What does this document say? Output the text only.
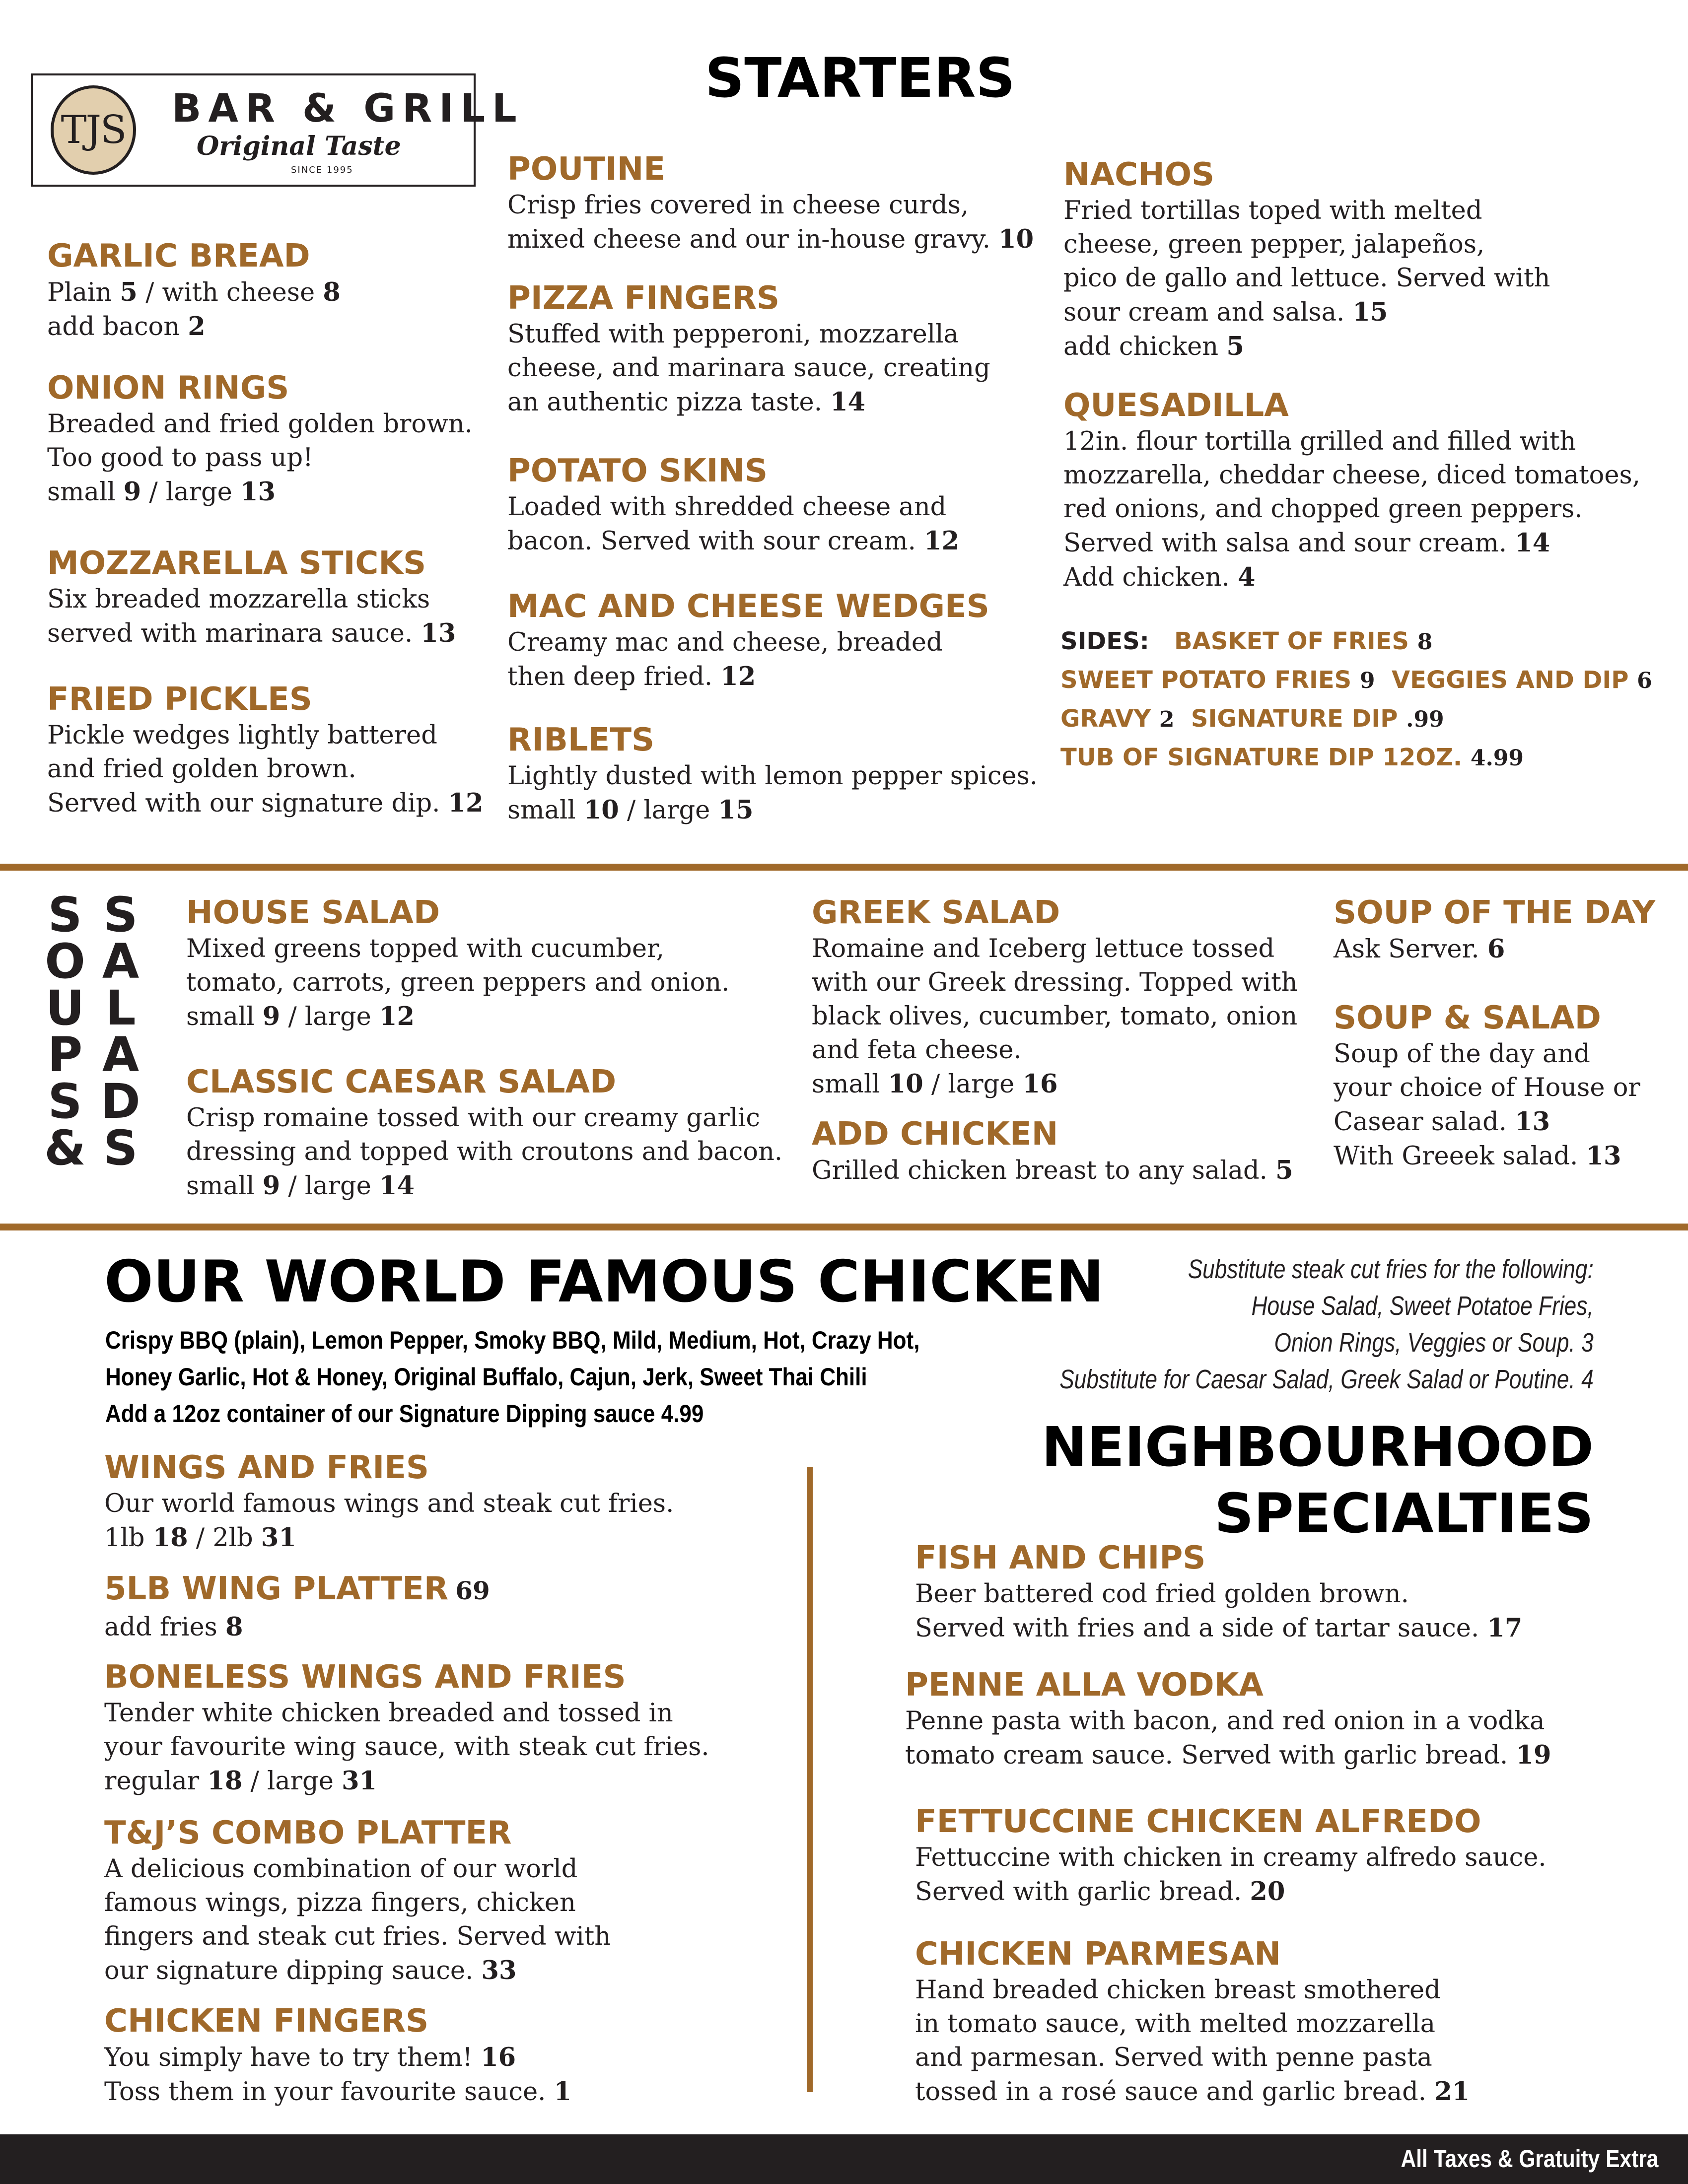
TJS BAR & GRILL

Original Taste

SINCE 1995

STARTERS
GARLIC BREAD

Plain 5 / with cheese 8

add bacon 2

ONION RINGS

Breaded and fried golden brown.

Too good to pass up!

small 9 / large 13

MOZZARELLA STICKS

Six breaded mozzarella sticks

served with marinara sauce. 13

FRIED PICKLES

Pickle wedges lightly battered

and fried golden brown.

Served with our signature dip. 12

POUTINE

Crisp fries covered in cheese curds,

mixed cheese and our in-house gravy. 10

PIZZA FINGERS

Stuffed with pepperoni, mozzarella

cheese, and marinara sauce, creating

an authentic pizza taste. 14

POTATO SKINS

Loaded with shredded cheese and

bacon. Served with sour cream. 12

MAC AND CHEESE WEDGES

Creamy mac and cheese, breaded

then deep fried. 12

RIBLETS

Lightly dusted with lemon pepper spices.

small 10 / large 15

NACHOS

Fried tortillas toped with melted

cheese, green pepper, jalapeños,

pico de gallo and lettuce. Served with

sour cream and salsa. 15

add chicken 5

QUESADILLA

12in. flour tortilla grilled and filled with

mozzarella, cheddar cheese, diced tomatoes,

red onions, and chopped green peppers.

Served with salsa and sour cream. 14

Add chicken. 4

SIDES: BASKET OF FRIES 8

SWEET POTATO FRIES 9 VEGGIES AND DIP 6

GRAVY 2 SIGNATURE DIP .99

TUB OF SIGNATURE DIP 12OZ. 4.99

S
O
U
P
S
&
S
A
L
A
D
S
HOUSE SALAD

Mixed greens topped with cucumber,

tomato, carrots, green peppers and onion.

small 9 / large 12

CLASSIC CAESAR SALAD

Crisp romaine tossed with our creamy garlic

dressing and topped with croutons and bacon.

small 9 / large 14

GREEK SALAD

Romaine and Iceberg lettuce tossed

with our Greek dressing. Topped with

black olives, cucumber, tomato, onion

and feta cheese.

small 10 / large 16

ADD CHICKEN

Grilled chicken breast to any salad. 5

SOUP OF THE DAY

Ask Server. 6

SOUP & SALAD

Soup of the day and

your choice of House or

Casear salad. 13

With Greeek salad. 13

OUR WORLD FAMOUS CHICKEN

Crispy BBQ (plain), Lemon Pepper, Smoky BBQ, Mild, Medium, Hot, Crazy Hot,
Honey Garlic, Hot & Honey, Original Buffalo, Cajun, Jerk, Sweet Thai Chili
Add a 12oz container of our Signature Dipping sauce 4.99

Substitute steak cut fries for the following:
House Salad, Sweet Potatoe Fries,
Onion Rings, Veggies or Soup. 3
Substitute for Caesar Salad, Greek Salad or Poutine. 4

WINGS AND FRIES

Our world famous wings and steak cut fries.

1lb 18 / 2lb 31

5LB WING PLATTER 69

add fries 8

BONELESS WINGS AND FRIES

Tender white chicken breaded and tossed in

your favourite wing sauce, with steak cut fries.

regular 18 / large 31

T&J’S COMBO PLATTER

A delicious combination of our world

famous wings, pizza fingers, chicken

fingers and steak cut fries. Served with

our signature dipping sauce. 33

CHICKEN FINGERS

You simply have to try them! 16

Toss them in your favourite sauce. 1

NEIGHBOURHOOD
SPECIALTIES
FISH AND CHIPS

Beer battered cod fried golden brown.

Served with fries and a side of tartar sauce. 17

PENNE ALLA VODKA

Penne pasta with bacon, and red onion in a vodka

tomato cream sauce. Served with garlic bread. 19

FETTUCCINE CHICKEN ALFREDO

Fettuccine with chicken in creamy alfredo sauce.

Served with garlic bread. 20

CHICKEN PARMESAN

Hand breaded chicken breast smothered

in tomato sauce, with melted mozzarella

and parmesan. Served with penne pasta

tossed in a rosé sauce and garlic bread. 21

All Taxes & Gratuity Extra
